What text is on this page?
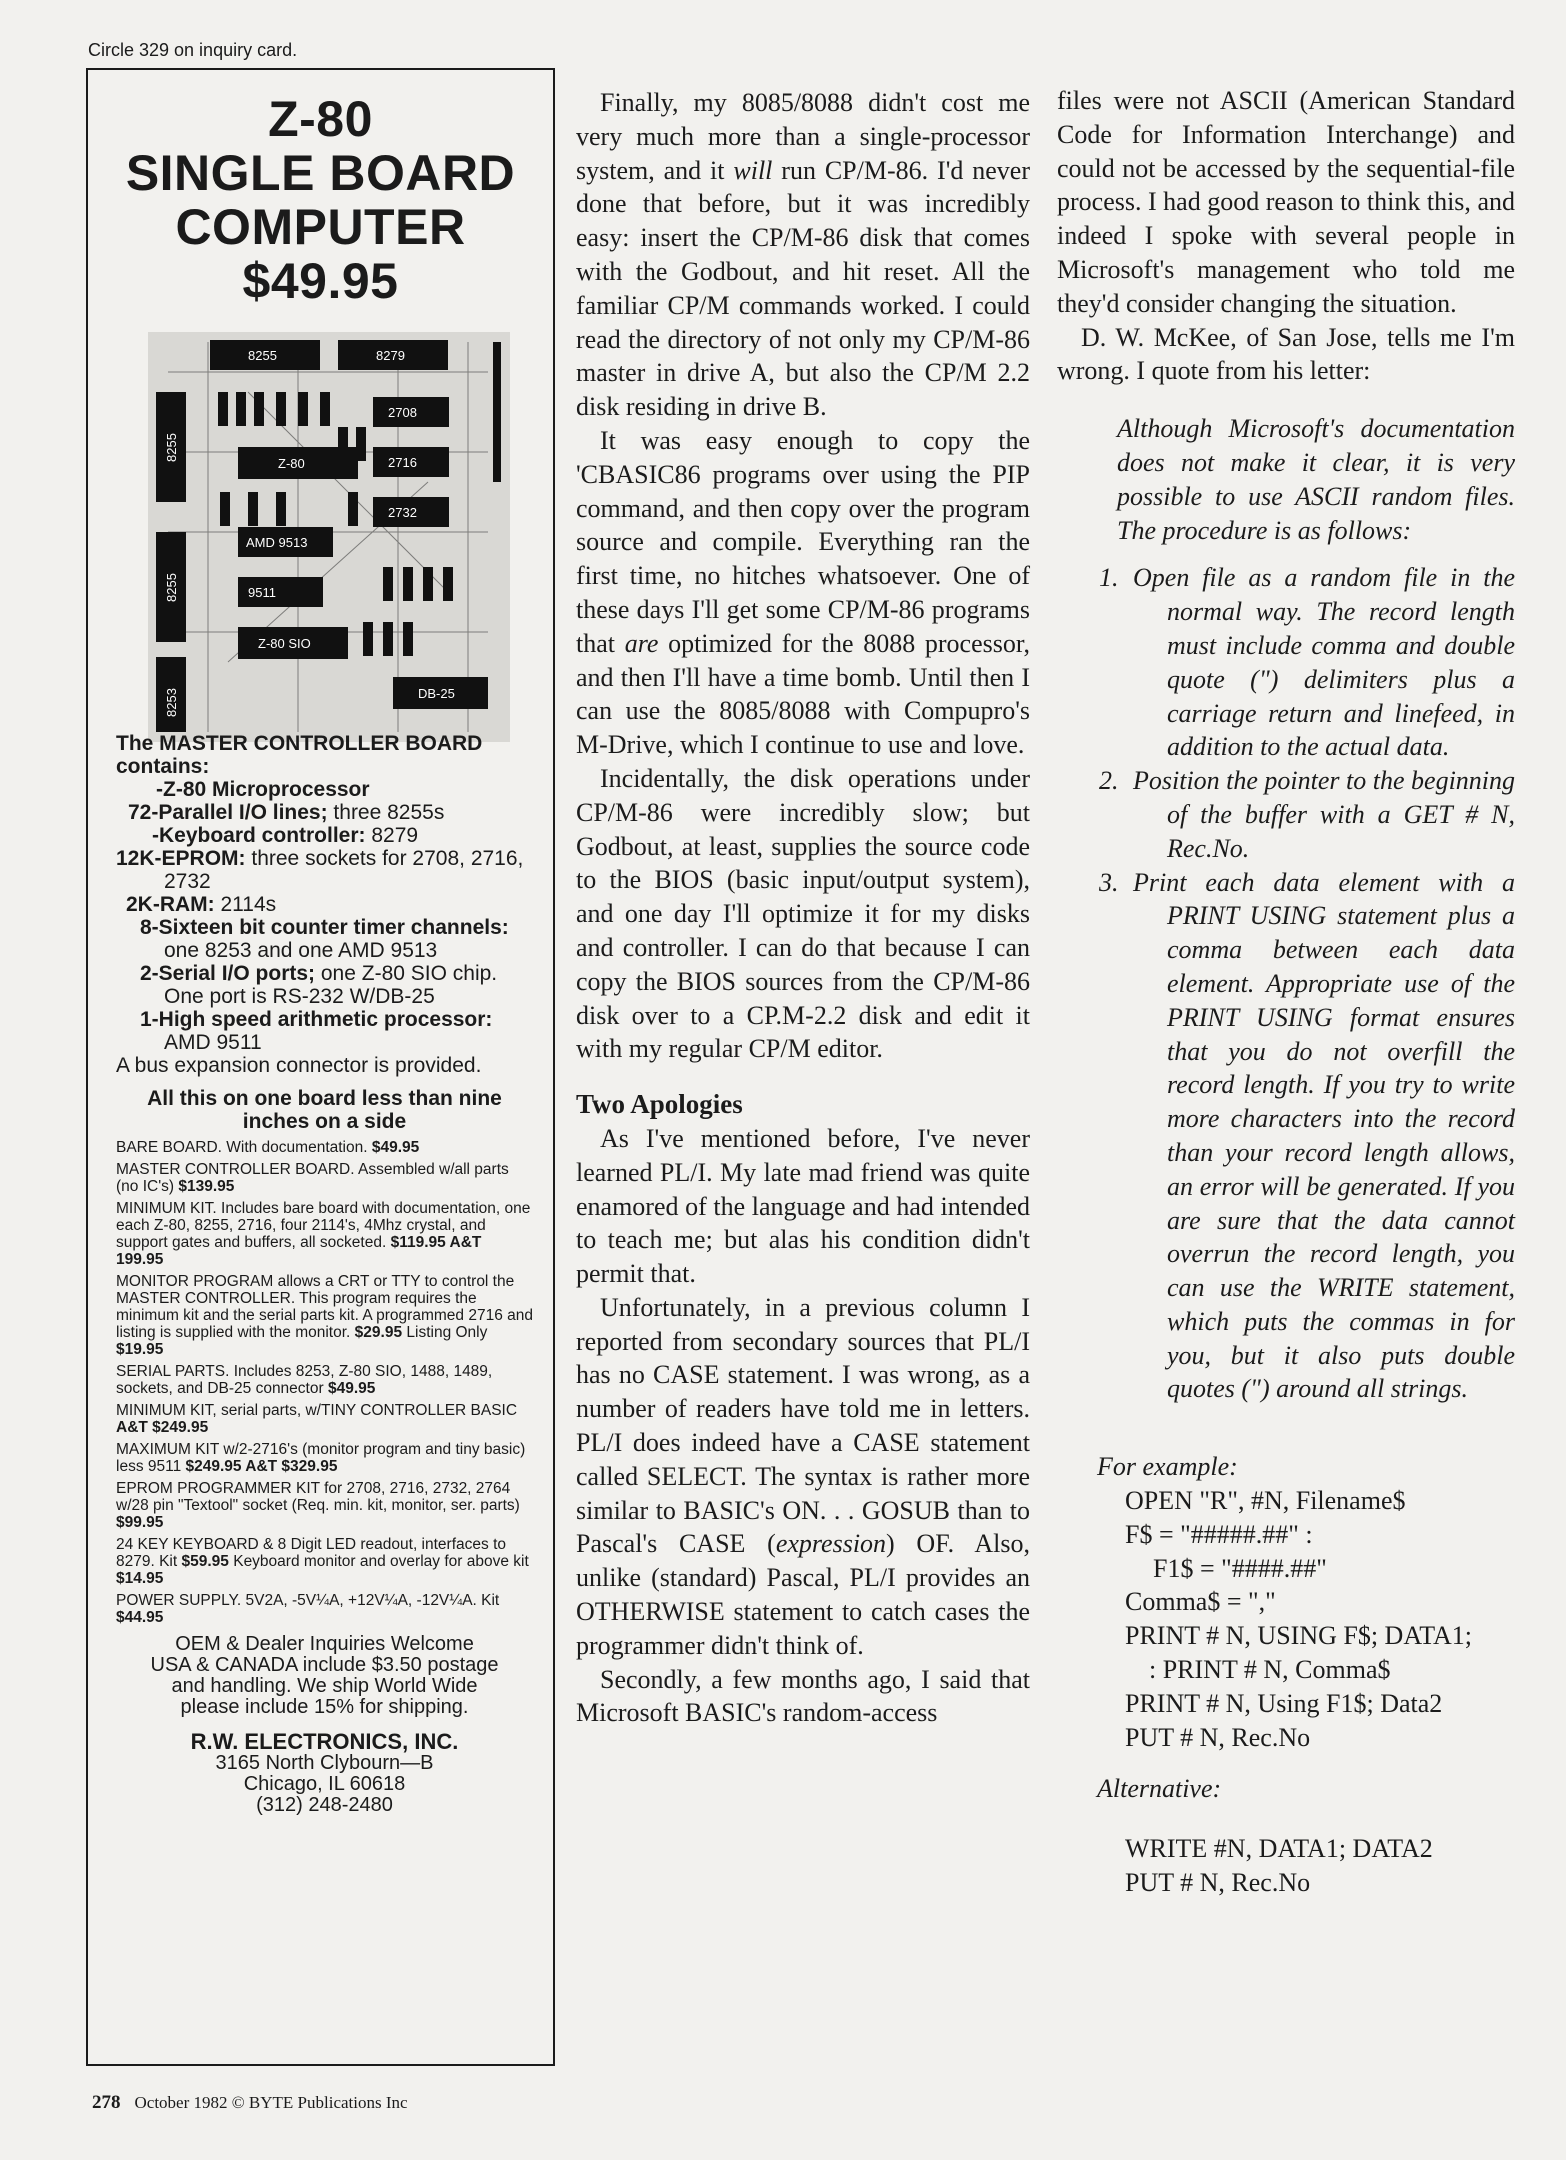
Circle 329 on inquiry card.
Z-80
SINGLE BOARD
COMPUTER
$49.95
8255	8279
8255
2708
Z-80	2716
8255
2732
AMD 9513
9511
8253
Z-80 SIO
DB-25

The MASTER CONTROLLER BOARD contains:

-Z-80 Microprocessor

72-Parallel I/O lines; three 8255s

-Keyboard controller: 8279

12K-EPROM: three sockets for 2708, 2716, 2732

2K-RAM: 2114s

8-Sixteen bit counter timer channels: one 8253 and one AMD 9513

2-Serial I/O ports; one Z-80 SIO chip. One port is RS-232 W/DB-25

1-High speed arithmetic processor: AMD 9511

A bus expansion connector is provided.

All this on one board less than nine inches on a side

BARE BOARD. With documentation. $49.95

MASTER CONTROLLER BOARD. Assembled w/all parts (no IC's) $139.95

MINIMUM KIT. Includes bare board with documentation, one each Z-80, 8255, 2716, four 2114's, 4Mhz crystal, and support gates and buffers, all socketed. $119.95 A&T 199.95

MONITOR PROGRAM allows a CRT or TTY to control the MASTER CONTROLLER. This program requires the minimum kit and the serial parts kit. A programmed 2716 and listing is supplied with the monitor. $29.95 Listing Only $19.95

SERIAL PARTS. Includes 8253, Z-80 SIO, 1488, 1489, sockets, and DB-25 connector $49.95

MINIMUM KIT, serial parts, w/TINY CONTROLLER BASIC A&T $249.95

MAXIMUM KIT w/2-2716's (monitor program and tiny basic) less 9511 $249.95 A&T $329.95

EPROM PROGRAMMER KIT for 2708, 2716, 2732, 2764 w/28 pin "Textool" socket (Req. min. kit, monitor, ser. parts) $99.95

24 KEY KEYBOARD & 8 Digit LED readout, interfaces to 8279. Kit $59.95 Keyboard monitor and overlay for above kit $14.95

POWER SUPPLY. 5V2A, -5V¼A, +12V¼A, -12V¼A. Kit $44.95

OEM & Dealer Inquiries Welcome
USA & CANADA include $3.50 postage
and handling. We ship World Wide
please include 15% for shipping.
R.W. ELECTRONICS, INC.
3165 North Clybourn—B
Chicago, IL 60618
(312) 248-2480

Finally, my 8085/8088 didn't cost me very much more than a single-processor system, and it will run CP/M-86. I'd never done that before, but it was incredibly easy: insert the CP/M-86 disk that comes with the Godbout, and hit reset. All the familiar CP/M commands worked. I could read the directory of not only my CP/M-86 master in drive A, but also the CP/M 2.2 disk residing in drive B.

It was easy enough to copy the 'CBASIC86 programs over using the PIP command, and then copy over the program source and compile. Everything ran the first time, no hitches whatsoever. One of these days I'll get some CP/M-86 programs that are optimized for the 8088 processor, and then I'll have a time bomb. Until then I can use the 8085/8088 with Compupro's M-Drive, which I continue to use and love.

Incidentally, the disk operations under CP/M-86 were incredibly slow; but Godbout, at least, supplies the source code to the BIOS (basic input/output system), and one day I'll optimize it for my disks and controller. I can do that because I can copy the BIOS sources from the CP/M-86 disk over to a CP.M-2.2 disk and edit it with my regular CP/M editor.

Two Apologies

As I've mentioned before, I've never learned PL/I. My late mad friend was quite enamored of the language and had intended to teach me; but alas his condition didn't permit that.

Unfortunately, in a previous column I reported from secondary sources that PL/I has no CASE statement. I was wrong, as a number of readers have told me in letters. PL/I does indeed have a CASE statement called SELECT. The syntax is rather more similar to BASIC's ON. . . GOSUB than to Pascal's CASE (expression) OF. Also, unlike (standard) Pascal, PL/I provides an OTHERWISE statement to catch cases the programmer didn't think of.

Secondly, a few months ago, I said that Microsoft BASIC's random-access

files were not ASCII (American Standard Code for Information Interchange) and could not be accessed by the sequential-file process. I had good reason to think this, and indeed I spoke with several people in Microsoft's management who told me they'd consider changing the situation.

D. W. McKee, of San Jose, tells me I'm wrong. I quote from his letter:

Although Microsoft's documentation does not make it clear, it is very possible to use ASCII random files. The procedure is as follows:

1. Open file as a random file in the normal way. The record length must include comma and double quote (") delimiters plus a carriage return and linefeed, in addition to the actual data.

2. Position the pointer to the beginning of the buffer with a GET # N, Rec.No.

3. Print each data element with a PRINT USING statement plus a comma between each data element. Appropriate use of the PRINT USING format ensures that you do not overfill the record length. If you try to write more characters into the record than your record length allows, an error will be generated. If you are sure that the data cannot overrun the record length, you can use the WRITE statement, which puts the commas in for you, but it also puts double quotes (") around all strings.

For example:

OPEN "R", #N, Filename$

F$ = "#####.##" :

F1$ = "####.##"

Comma$ = ","

PRINT # N, USING F$; DATA1;

: PRINT # N, Comma$

PRINT # N, Using F1$; Data2

PUT # N, Rec.No

Alternative:

WRITE #N, DATA1; DATA2

PUT # N, Rec.No

278 October 1982 © BYTE Publications Inc
